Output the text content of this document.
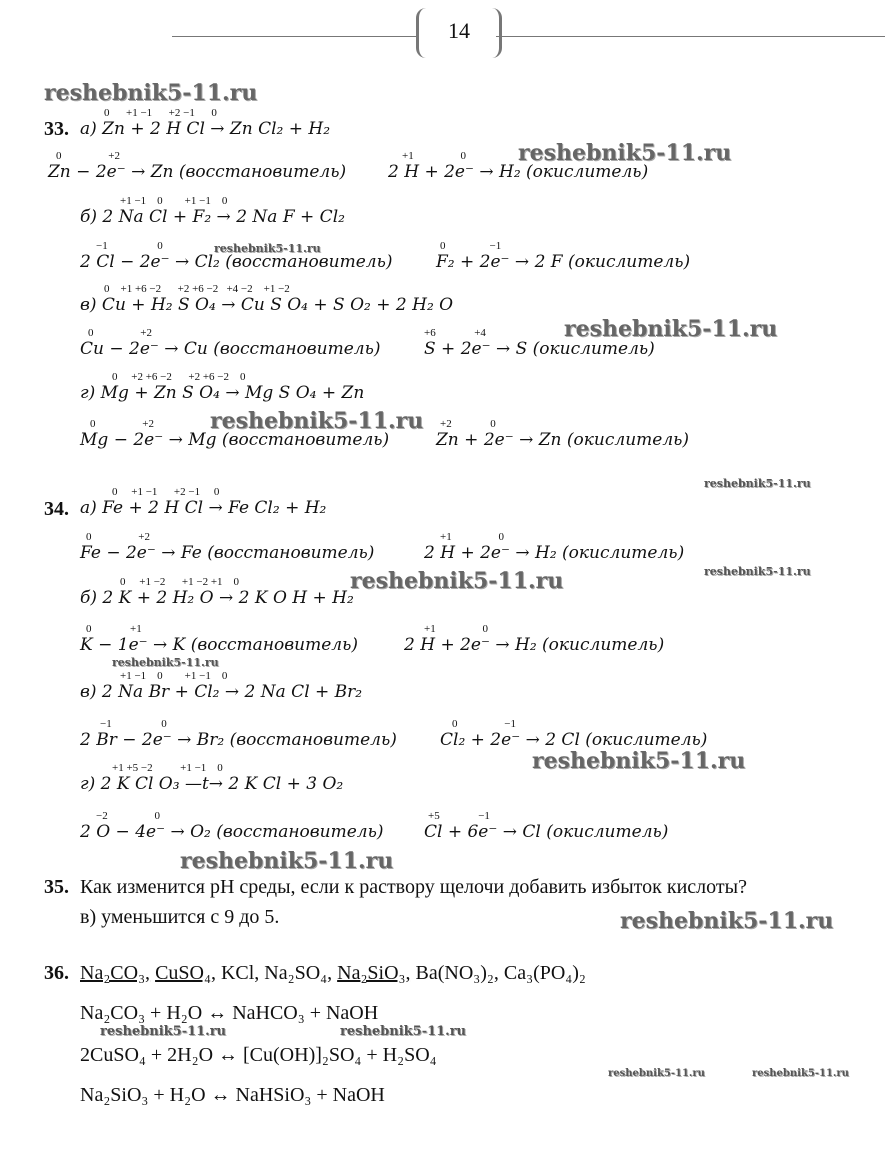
14
reshebnik5-11.ru
reshebnik5-11.ru
reshebnik5-11.ru
reshebnik5-11.ru
reshebnik5-11.ru
reshebnik5-11.ru
reshebnik5-11.ru
reshebnik5-11.ru
reshebnik5-11.ru
reshebnik5-11.ru
reshebnik5-11.ru
reshebnik5-11.ru
reshebnik5-11.ru	reshebnik5-11.ru
reshebnik5-11.ru	reshebnik5-11.ru
33.
0      +1 −1      +2 −1      0
а) Zn + 2 H Cl → Zn Cl₂ + H₂
0                 +2
Zn − 2e⁻ → Zn (восстановитель)
+1                 0
2 H + 2e⁻ → H₂ (окислитель)
+1 −1    0        +1 −1    0
б) 2 Na Cl + F₂ → 2 Na F + Cl₂
−1                  0
2 Cl − 2e⁻ → Cl₂ (восстановитель)
0                −1
F₂ + 2e⁻ → 2 F (окислитель)
0    +1 +6 −2      +2 +6 −2   +4 −2    +1 −2
в) Cu + H₂ S O₄ → Cu S O₄ + S O₂ + 2 H₂ O
0                 +2
Cu − 2e⁻ → Cu (восстановитель)
+6              +4
S + 2e⁻ → S (окислитель)
0     +2 +6 −2      +2 +6 −2    0
г) Mg + Zn S O₄ → Mg S O₄ + Zn
0                 +2
Mg − 2e⁻ → Mg (восстановитель)
+2              0
Zn + 2e⁻ → Zn (окислитель)
34.
0     +1 −1      +2 −1     0
а) Fe + 2 H Cl → Fe Cl₂ + H₂
0                 +2
Fe − 2e⁻ → Fe (восстановитель)
+1                 0
2 H + 2e⁻ → H₂ (окислитель)
0     +1 −2      +1 −2 +1    0
б) 2 K + 2 H₂ O → 2 K O H + H₂
0              +1
K − 1e⁻ → K (восстановитель)
+1                 0
2 H + 2e⁻ → H₂ (окислитель)
+1 −1    0        +1 −1    0
в) 2 Na Br + Cl₂ → 2 Na Cl + Br₂
−1                  0
2 Br − 2e⁻ → Br₂ (восстановитель)
0                 −1
Cl₂ + 2e⁻ → 2 Cl (окислитель)
+1 +5 −2          +1 −1    0
г) 2 K Cl O₃ —t→ 2 K Cl + 3 O₂
−2                 0
2 O − 4e⁻ → O₂ (восстановитель)
+5              −1
Cl + 6e⁻ → Cl (окислитель)
35. Как изменится pH среды, если к раствору щелочи добавить избыток кислоты?
в) уменьшится с 9 до 5.
36. Na₂CO₃, CuSO₄, KCl, Na₂SO₄, Na₂SiO₃, Ba(NO₃)₂, Ca₃(PO₄)₂
Na₂CO₃ + H₂O ↔ NaHCO₃ + NaOH
2CuSO₄ + 2H₂O ↔ [Cu(OH)]₂SO₄ + H₂SO₄
Na₂SiO₃ + H₂O ↔ NaHSiO₃ + NaOH
